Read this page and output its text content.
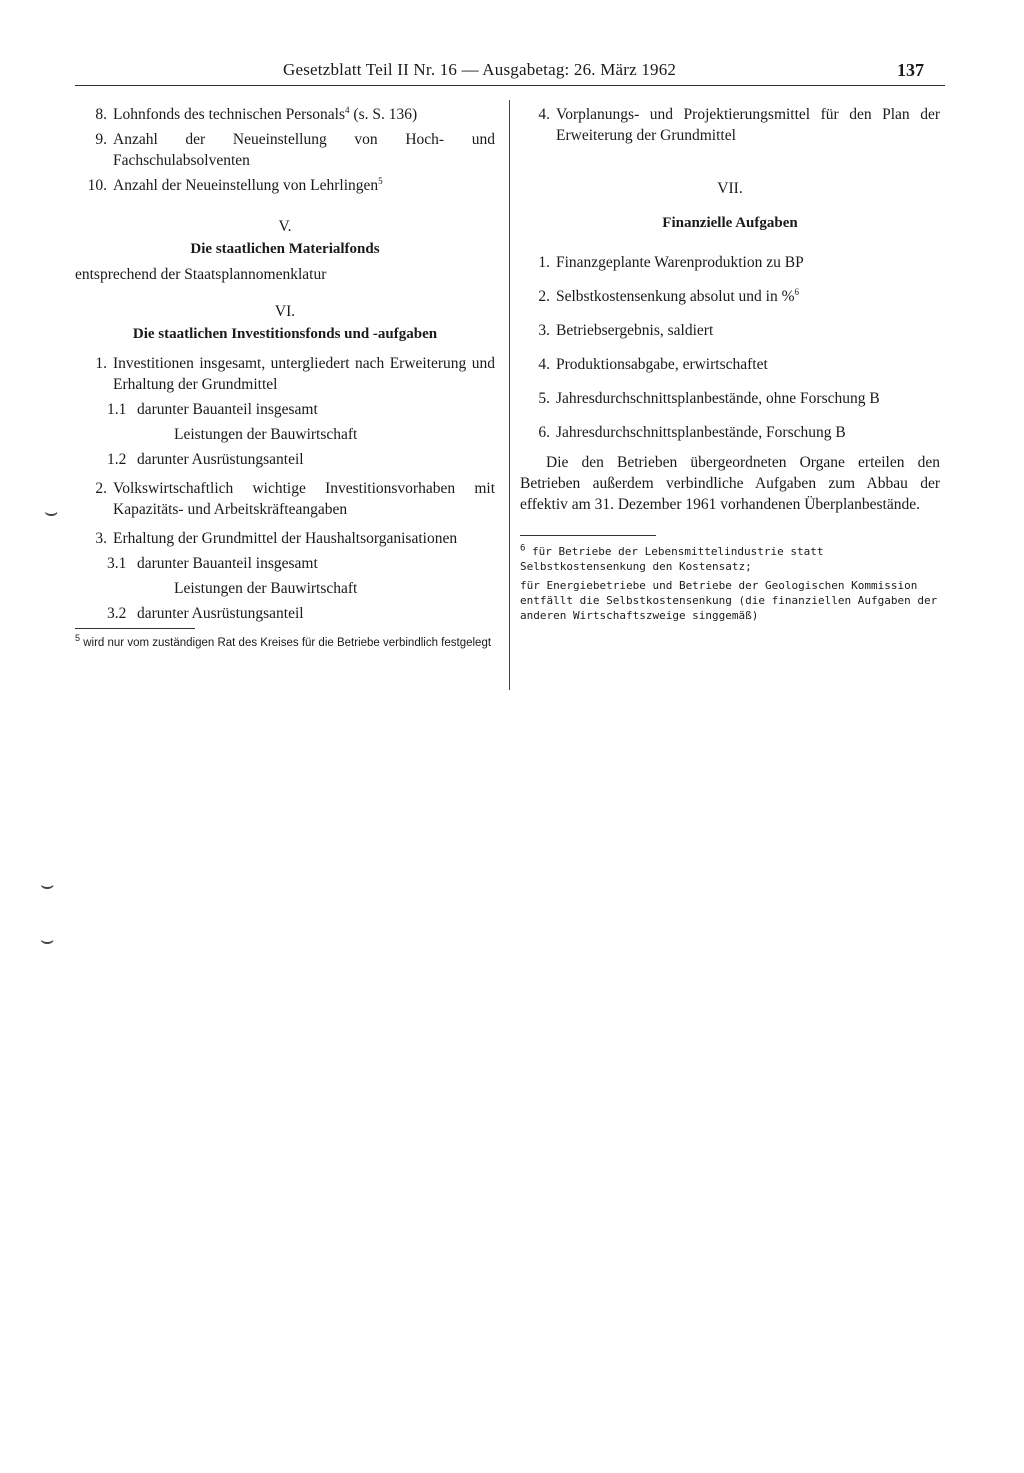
Gesetzblatt Teil II Nr. 16 — Ausgabetag: 26. März 1962	137
8. Lohnfonds des technischen Personals$^4$ (s. S. 136)
9. Anzahl der Neueinstellung von Hoch- und Fachschulabsolventen
10. Anzahl der Neueinstellung von Lehrlingen$^5$
V.
Die staatlichen Materialfonds
entsprechend der Staatsplannomenklatur
VI.
Die staatlichen Investitionsfonds und -aufgaben
1. Investitionen insgesamt, untergliedert nach Erweiterung und Erhaltung der Grundmittel
1.1 darunter Bauanteil insgesamt
Leistungen der Bauwirtschaft
1.2 darunter Ausrüstungsanteil
2. Volkswirtschaftlich wichtige Investitionsvorhaben mit Kapazitäts- und Arbeitskräfteangaben
3. Erhaltung der Grundmittel der Haushaltsorganisationen
3.1 darunter Bauanteil insgesamt
Leistungen der Bauwirtschaft
3.2 darunter Ausrüstungsanteil
$^5$ wird nur vom zuständigen Rat des Kreises für die Betriebe verbindlich festgelegt
4. Vorplanungs- und Projektierungsmittel für den Plan der Erweiterung der Grundmittel
VII.
Finanzielle Aufgaben
1. Finanzgeplante Warenproduktion zu BP
2. Selbstkostensenkung absolut und in %$^6$
3. Betriebsergebnis, saldiert
4. Produktionsabgabe, erwirtschaftet
5. Jahresdurchschnittsplanbestände, ohne Forschung B
6. Jahresdurchschnittsplanbestände, Forschung B
Die den Betrieben übergeordneten Organe erteilen den Betrieben außerdem verbindliche Aufgaben zum Abbau der effektiv am 31. Dezember 1961 vorhandenen Überplanbestände.
$^6$ für Betriebe der Lebensmittelindustrie statt Selbstkostensenkung den Kostensatz;
für Energiebetriebe und Betriebe der Geologischen Kommission entfällt die Selbstkostensenkung (die finanziellen Aufgaben der anderen Wirtschaftszweige singgemäß)
⌣
⌣
⌣
